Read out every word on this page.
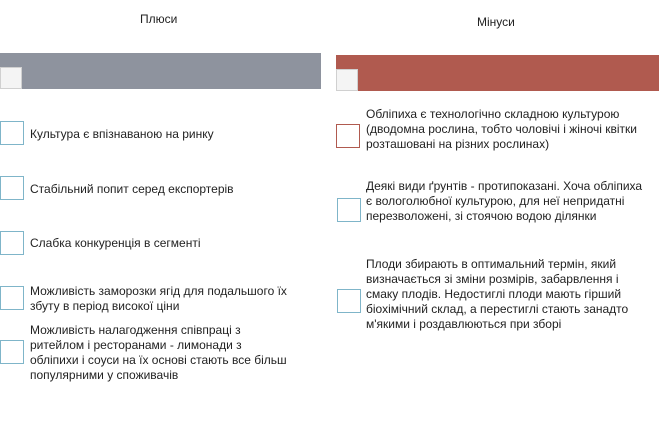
Плюси
Культура є впізнаваною на ринку
Стабільний попит серед експортерів
Слабка конкуренція в сегменті
Можливість заморозки ягід для подальшого їх збуту в період високої ціни
Можливість налагодження співпраці з ритейлом і ресторанами - лимонади з обліпихи і соуси на їх основі стають все більш популярними у споживачів
Мінуси
Обліпиха є технологічно складною культурою (дводомна рослина, тобто чоловічі і жіночі квітки розташовані на різних рослинах)
Деякі види ґрунтів - протипоказані. Хоча обліпиха є вологолюбної культурою, для неї непридатні перезволожені, зі стоячою водою ділянки
Плоди збирають в оптимальний термін, який визначається зі зміни розмірів, забарвлення і смаку плодів. Недостиглі плоди мають гірший біохімічний склад, а перестиглі стають занадто м'якими і роздавлюються при зборі
